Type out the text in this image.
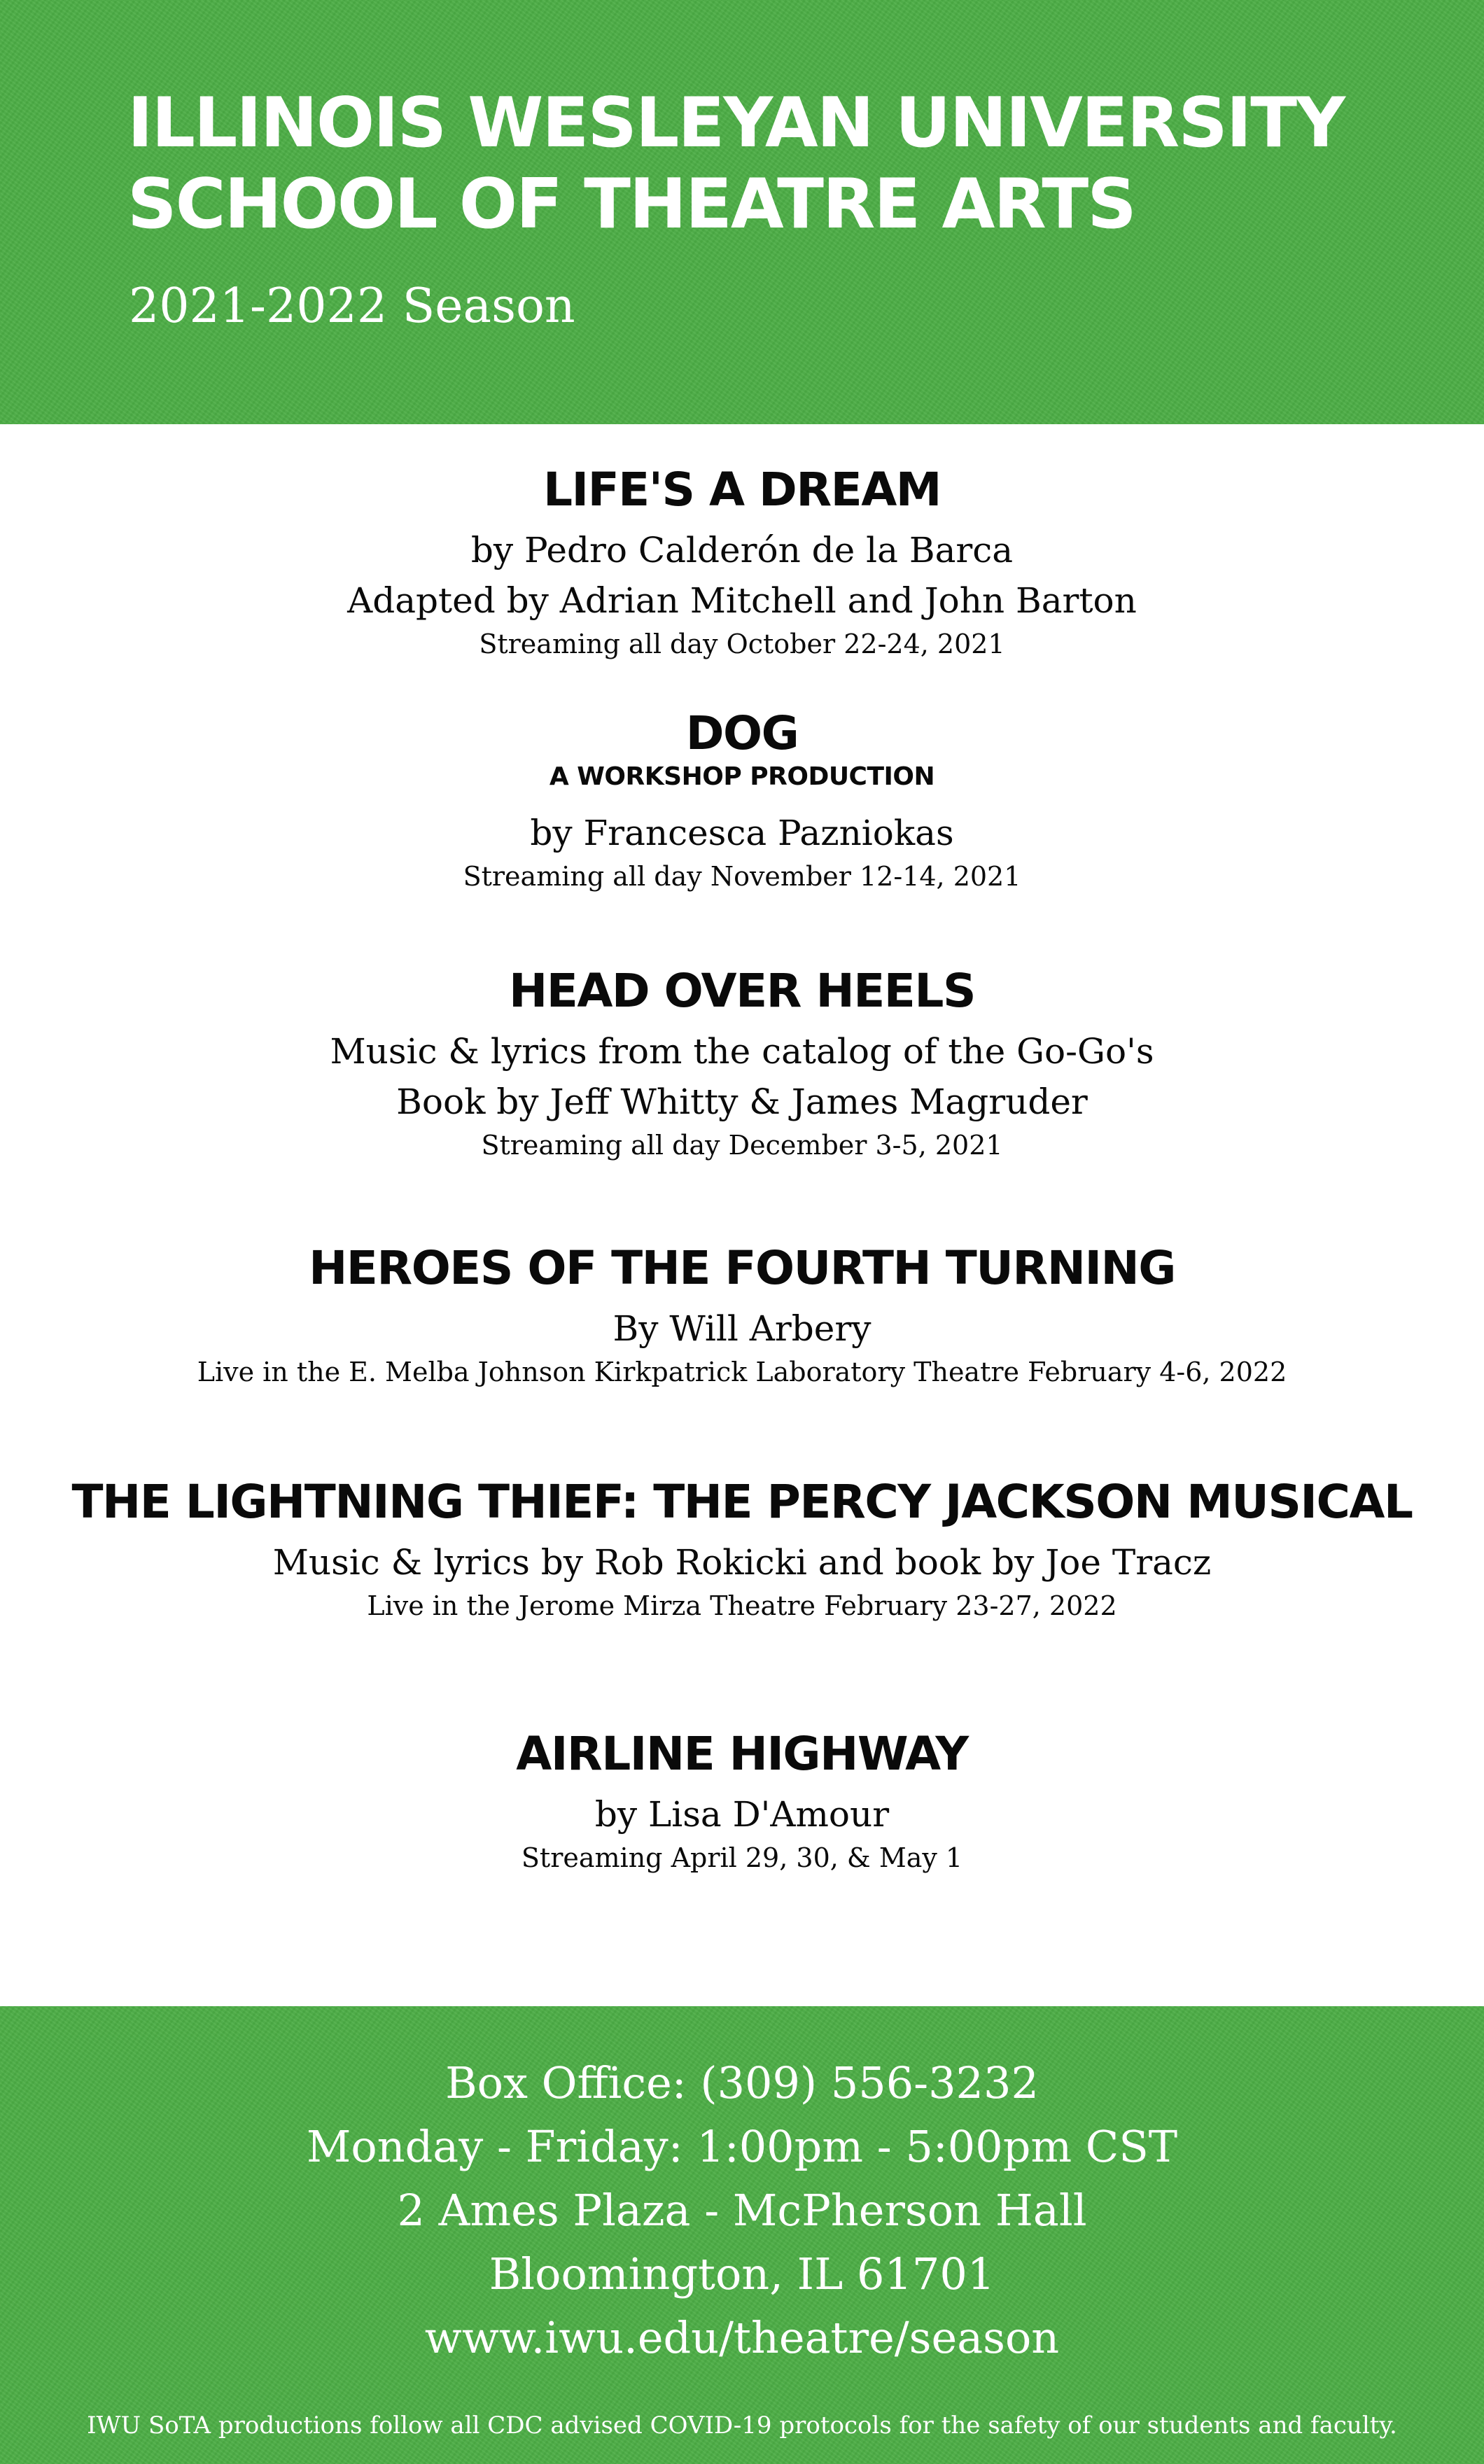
ILLINOIS WESLEYAN UNIVERSITY
SCHOOL OF THEATRE ARTS
2021-2022 Season
LIFE'S A DREAM
by Pedro Calderón de la Barca
Adapted by Adrian Mitchell and John Barton
Streaming all day October 22-24, 2021
DOG
A WORKSHOP PRODUCTION
by Francesca Pazniokas
Streaming all day November 12-14, 2021
HEAD OVER HEELS
Music & lyrics from the catalog of the Go-Go's
Book by Jeff Whitty & James Magruder
Streaming all day December 3-5, 2021
HEROES OF THE FOURTH TURNING
By Will Arbery
Live in the E. Melba Johnson Kirkpatrick Laboratory Theatre February 4-6, 2022
THE LIGHTNING THIEF: THE PERCY JACKSON MUSICAL
Music & lyrics by Rob Rokicki and book by Joe Tracz
Live in the Jerome Mirza Theatre February 23-27, 2022
AIRLINE HIGHWAY
by Lisa D'Amour
Streaming April 29, 30, & May 1
Box Office: (309) 556-3232
Monday - Friday: 1:00pm - 5:00pm CST
2 Ames Plaza - McPherson Hall
Bloomington, IL 61701
www.iwu.edu/theatre/season
IWU SoTA productions follow all CDC advised COVID-19 protocols for the safety of our students and faculty.
